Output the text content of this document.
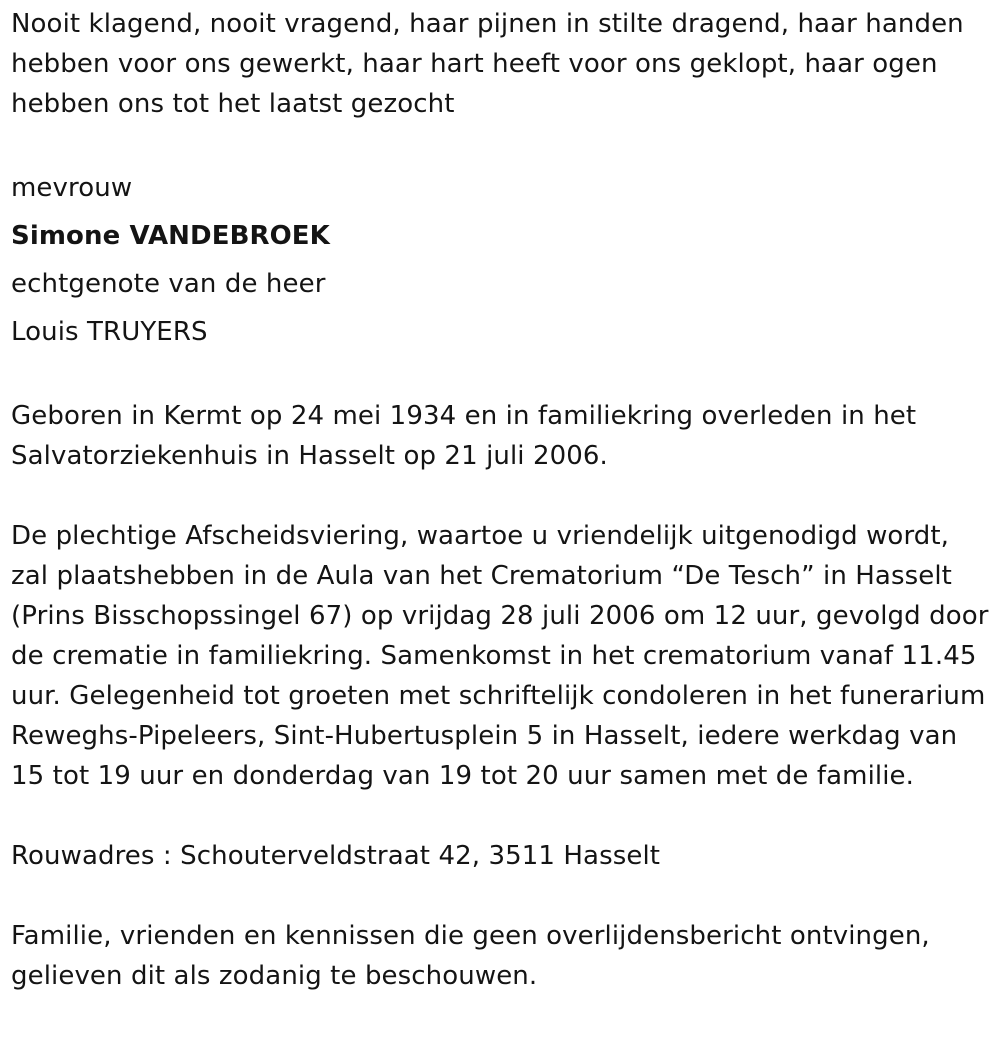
Nooit klagend, nooit vragend, haar pijnen in stilte dragend, haar handen hebben voor ons gewerkt, haar hart heeft voor ons geklopt, haar ogen hebben ons tot het laatst gezocht

mevrouw

Simone VANDEBROEK

echtgenote van de heer

Louis TRUYERS

Geboren in Kermt op 24 mei 1934 en in familiekring overleden in het Salvatorziekenhuis in Hasselt op 21 juli 2006.

De plechtige Afscheidsviering, waartoe u vriendelijk uitgenodigd wordt, zal plaatshebben in de Aula van het Crematorium “De Tesch” in Hasselt (Prins Bisschopssingel 67) op vrijdag 28 juli 2006 om 12 uur, gevolgd door de crematie in familiekring. Samenkomst in het crematorium vanaf 11.45 uur. Gelegenheid tot groeten met schriftelijk condoleren in het funerarium Reweghs-Pipeleers, Sint-Hubertusplein 5 in Hasselt, iedere werkdag van 15 tot 19 uur en donderdag van 19 tot 20 uur samen met de familie.

Rouwadres : Schouterveldstraat 42, 3511 Hasselt

Familie, vrienden en kennissen die geen overlijdensbericht ontvingen, gelieven dit als zodanig te beschouwen.
